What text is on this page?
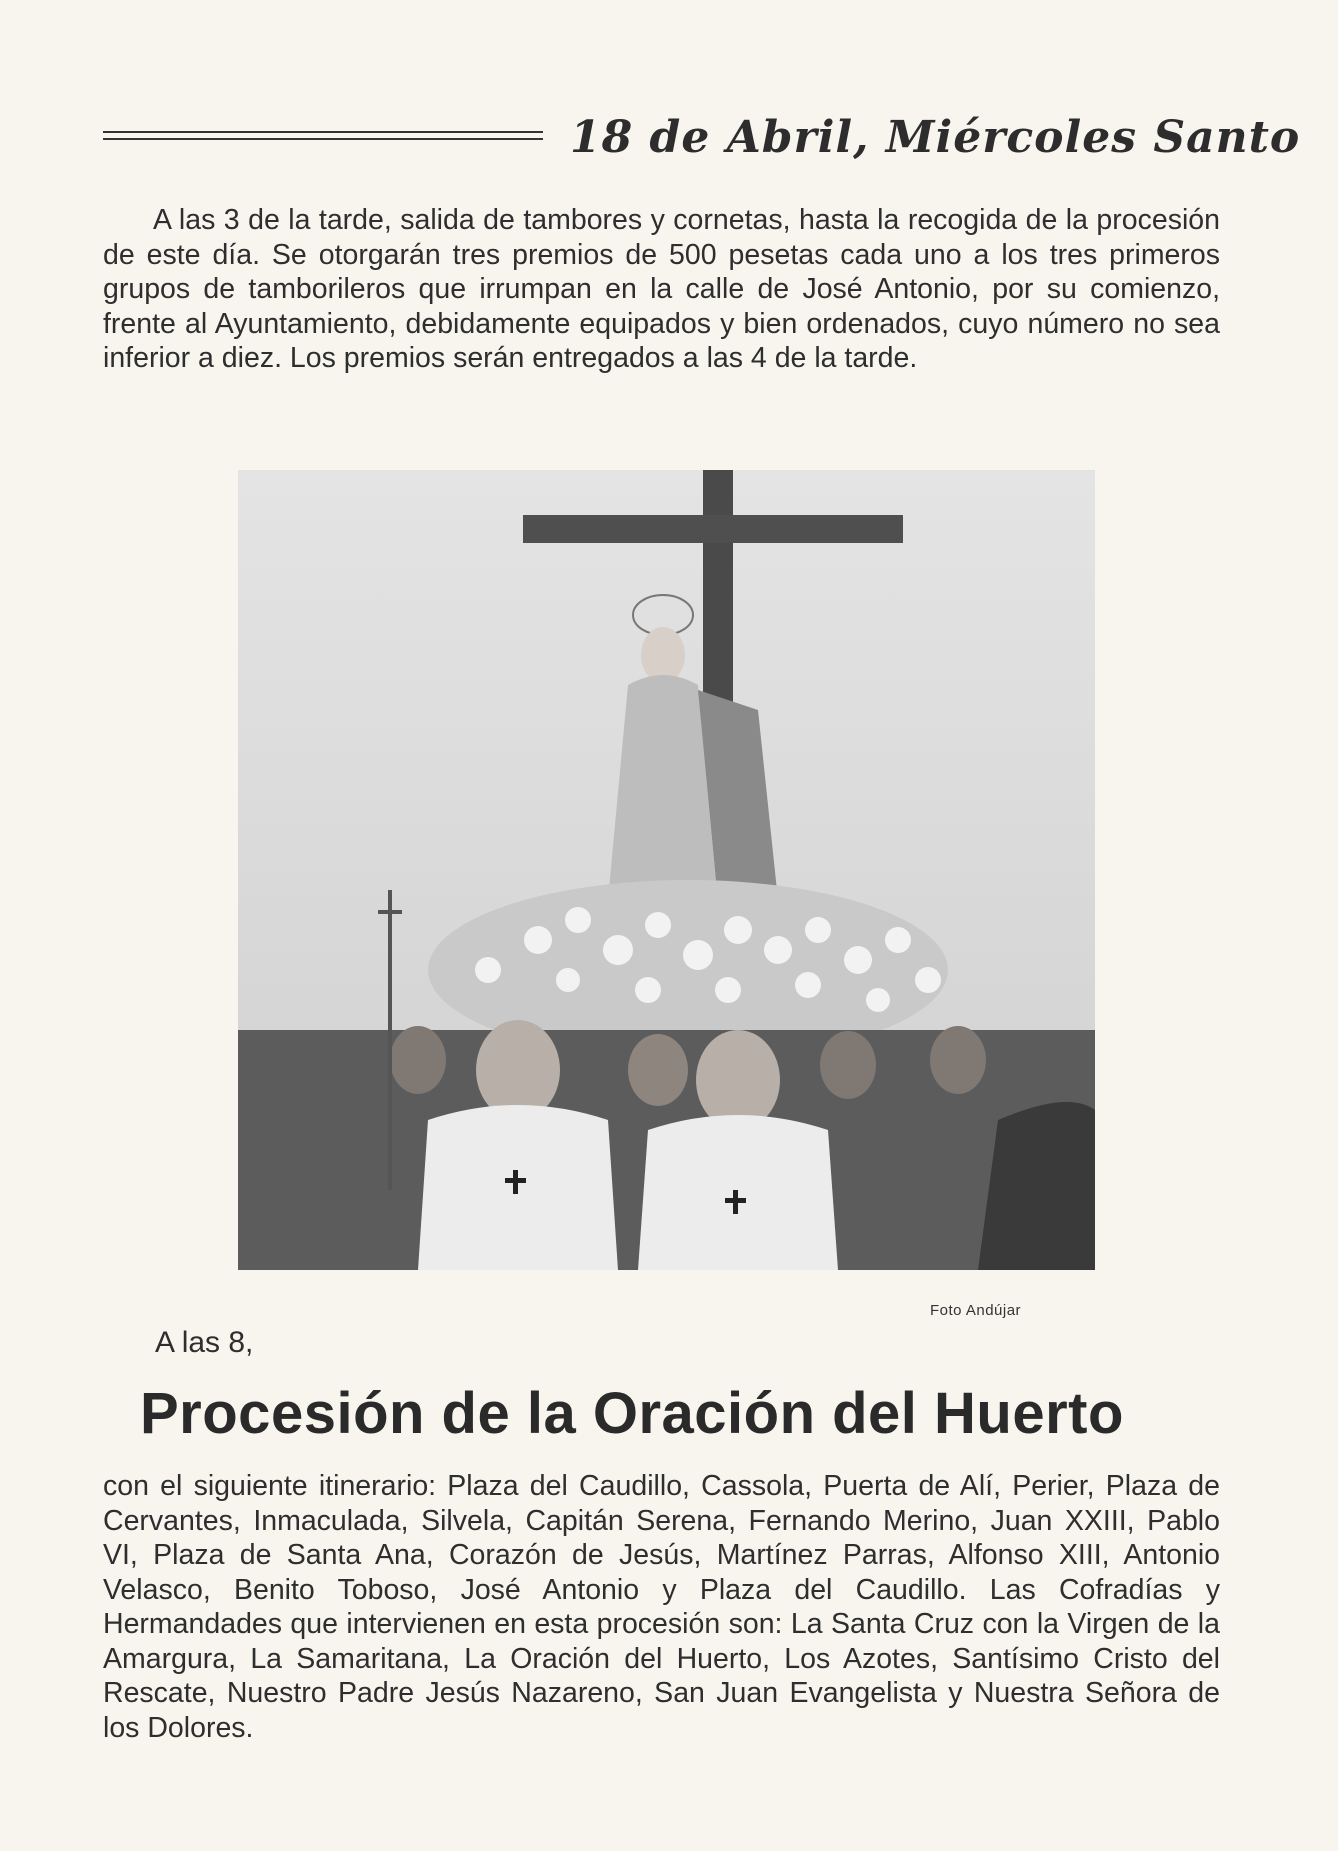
18 de Abril, Miércoles Santo

A las 3 de la tarde, salida de tambores y cornetas, hasta la recogida de la procesión de este día. Se otorgarán tres premios de 500 pesetas cada uno a los tres primeros grupos de tamborileros que irrumpan en la calle de José Antonio, por su comienzo, frente al Ayuntamiento, debidamente equipados y bien ordenados, cuyo número no sea inferior a diez. Los premios serán entregados a las 4 de la tarde.

Foto Andújar
A las 8,
Procesión de la Oración del Huerto

con el siguiente itinerario: Plaza del Caudillo, Cassola, Puerta de Alí, Perier, Plaza de Cervantes, Inmaculada, Silvela, Capitán Serena, Fernando Merino, Juan XXIII, Pablo VI, Plaza de Santa Ana, Corazón de Jesús, Martínez Parras, Alfonso XIII, Antonio Velasco, Benito Toboso, José Antonio y Plaza del Caudillo. Las Cofradías y Hermandades que intervienen en esta procesión son: La Santa Cruz con la Virgen de la Amargura, La Samaritana, La Oración del Huerto, Los Azotes, Santísimo Cristo del Rescate, Nuestro Padre Jesús Nazareno, San Juan Evangelista y Nuestra Señora de los Dolores.
